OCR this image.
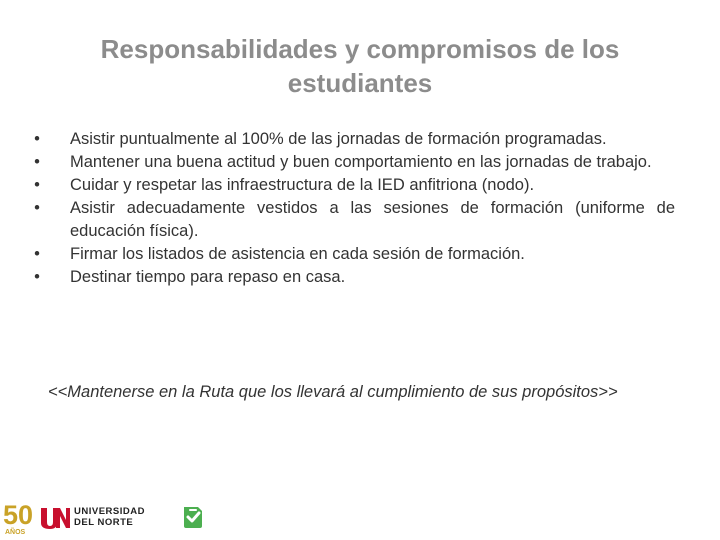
Responsabilidades y compromisos de los estudiantes
• Asistir puntualmente al 100% de las jornadas de formación programadas.
• Mantener una buena actitud y buen comportamiento en las jornadas de trabajo.
• Cuidar y respetar las infraestructura de la IED anfitriona (nodo).
• Asistir adecuadamente vestidos a las sesiones de formación (uniforme de educación física).
• Firmar los listados de asistencia en cada sesión de formación.
• Destinar tiempo para repaso en casa.
<<Mantenerse en la Ruta que los llevará al cumplimiento de sus propósitos>>
50
AÑOS
UNIVERSIDAD
DEL NORTE
